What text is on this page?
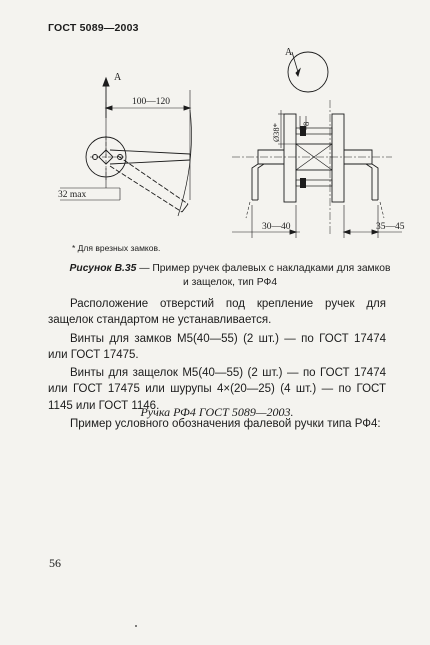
ГОСТ 5089—2003
А
А
100—120
32 max
Ø38* 8
30—40	35—45
* Для врезных замков.
Рисунок В.35 — Пример ручек фалевых с накладками для замков
и защелок, тип РФ4

Расположение отверстий под крепление ручек для защелок стандартом не устанавливается.

Винты для замков М5(40—55) (2 шт.) — по ГОСТ 17474 или ГОСТ 17475.

Винты для защелок М5(40—55) (2 шт.) — по ГОСТ 17474 или ГОСТ 17475 или шурупы 4×(20—25) (4 шт.) — по ГОСТ 1145 или ГОСТ 1146.

Пример условного обозначения фалевой ручки типа РФ4:

Ручка РФ4 ГОСТ 5089—2003.
56
